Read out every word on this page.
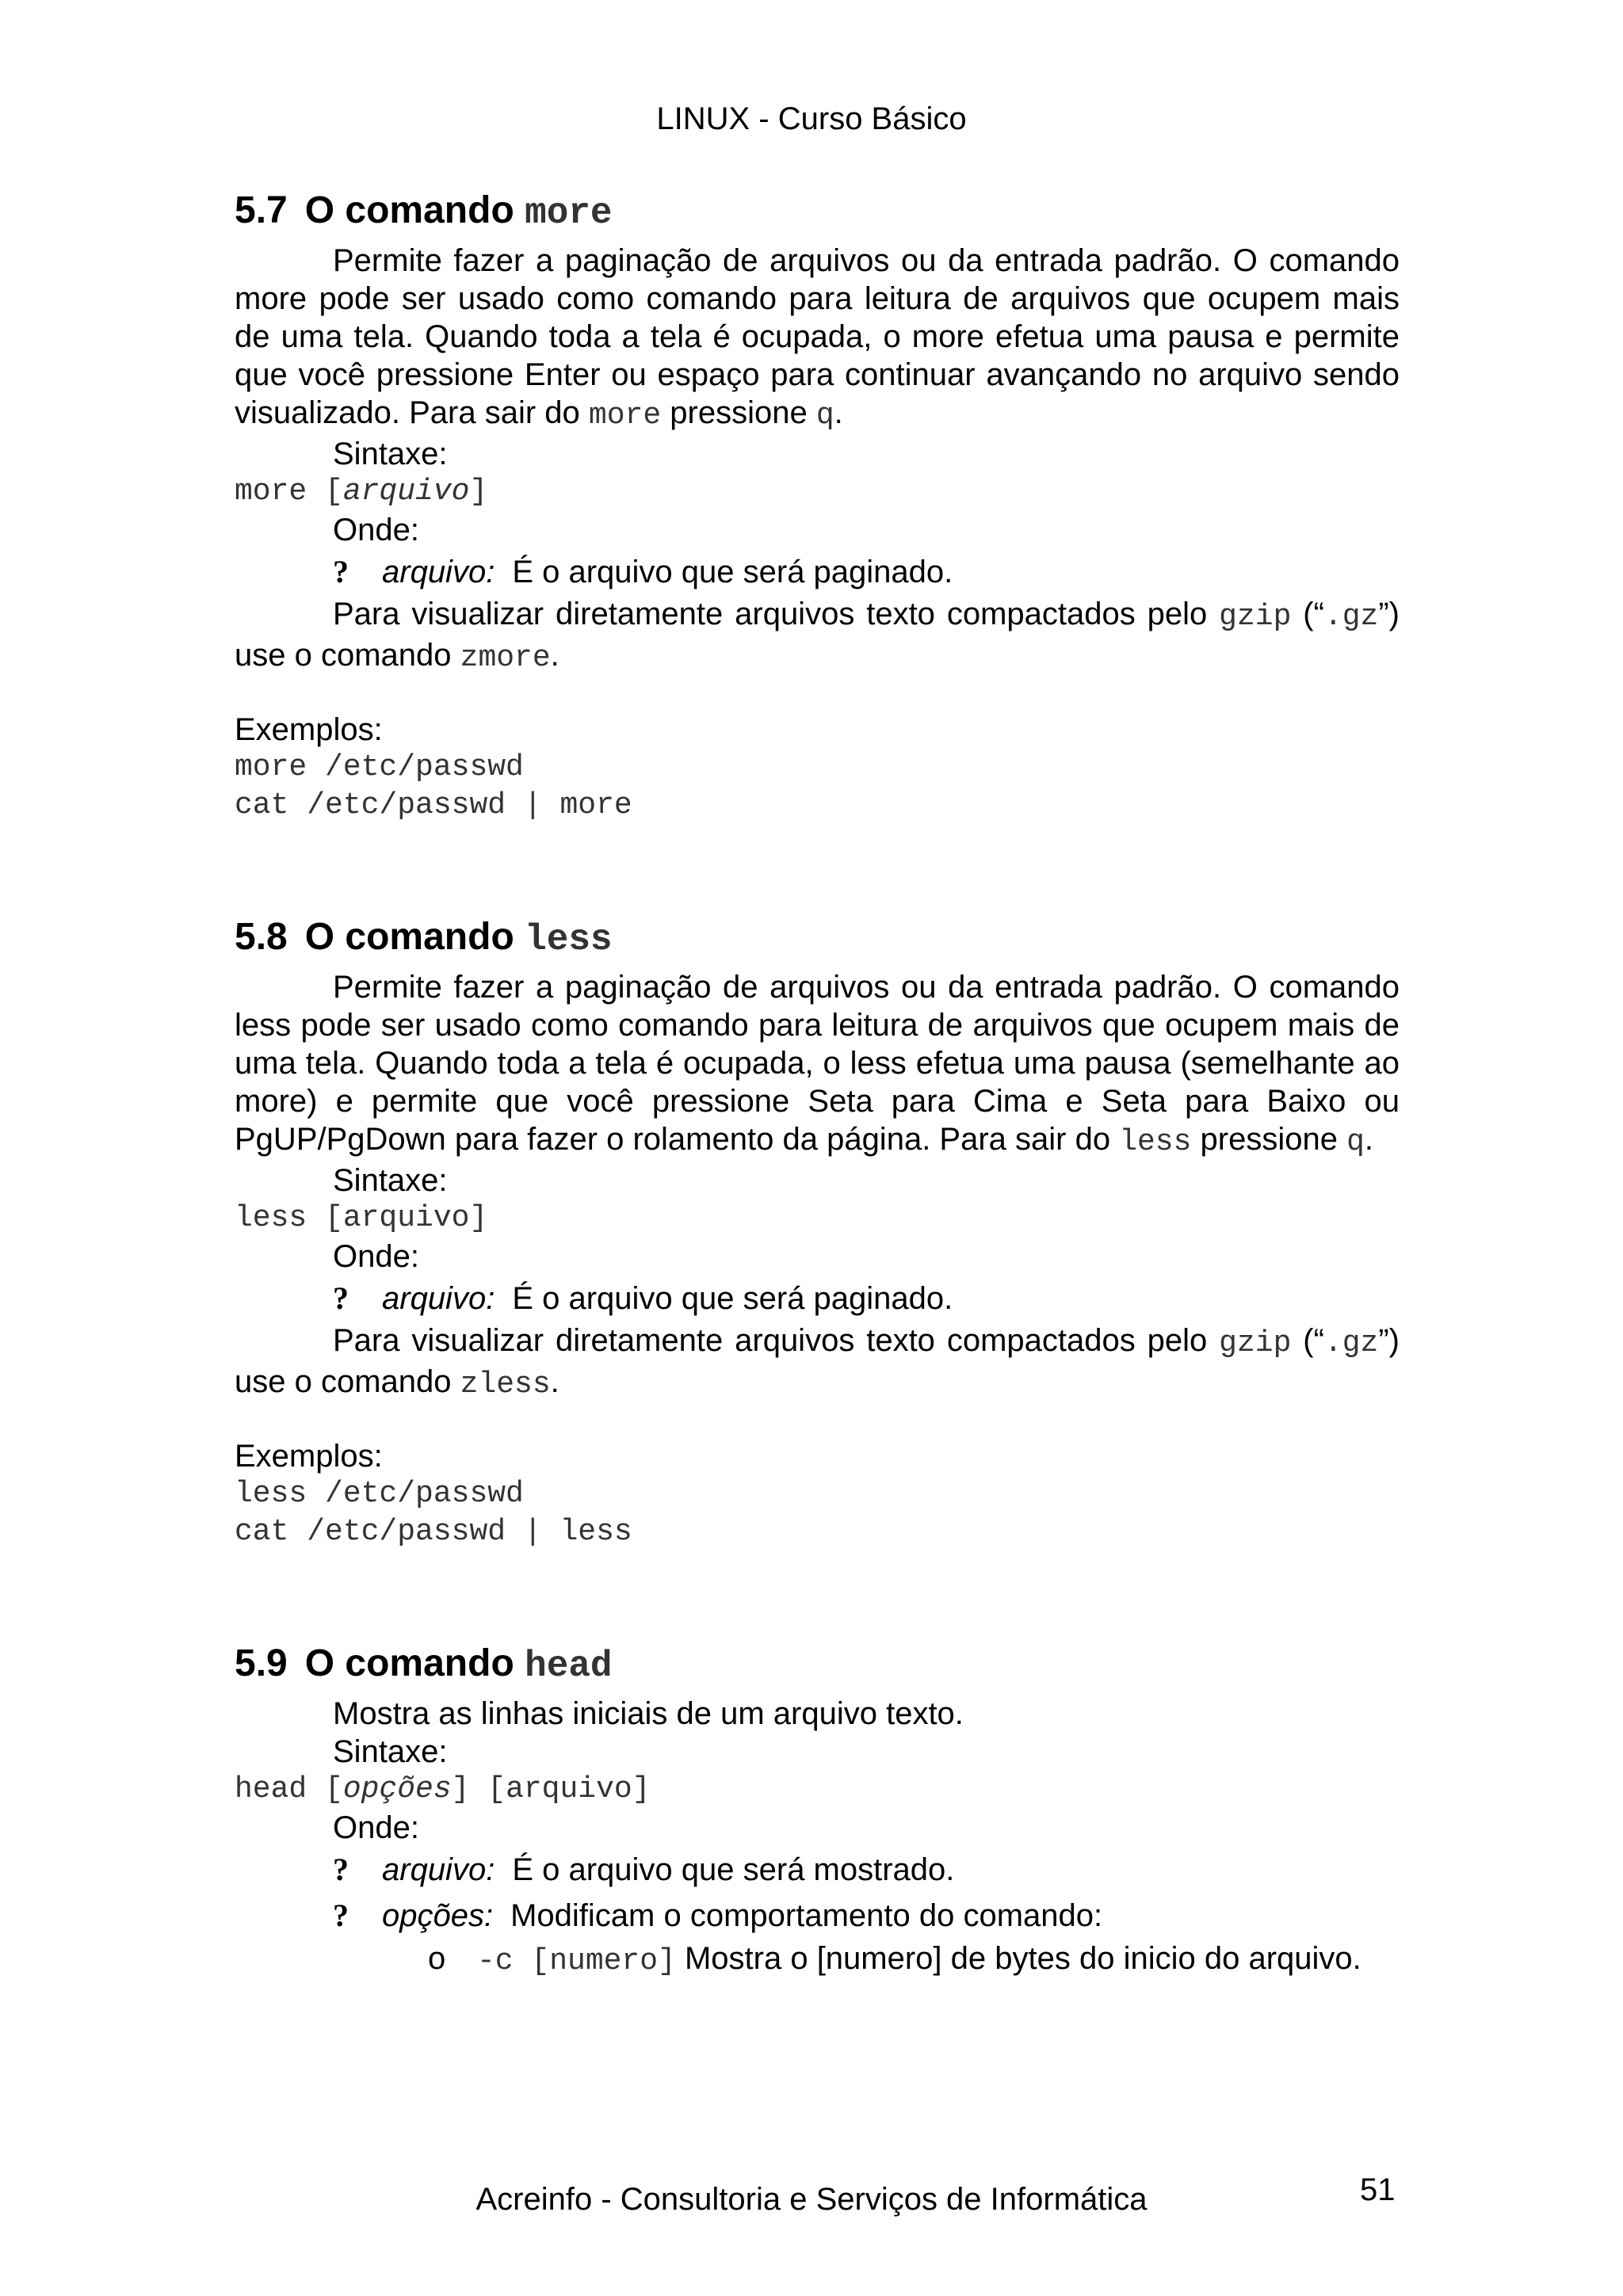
LINUX - Curso Básico
5.7 O comando more

Permite fazer a paginação de arquivos ou da entrada padrão. O comando more pode ser usado como comando para leitura de arquivos que ocupem mais de uma tela. Quando toda a tela é ocupada, o more efetua uma pausa e permite que você pressione Enter ou espaço para continuar avançando no arquivo sendo visualizado. Para sair do more pressione q.

Sintaxe:

more [arquivo]

Onde:

? arquivo: É o arquivo que será paginado.

Para visualizar diretamente arquivos texto compactados pelo gzip (“.gz”) use o comando zmore.

Exemplos:

more /etc/passwd
cat /etc/passwd | more
5.8 O comando less

Permite fazer a paginação de arquivos ou da entrada padrão. O comando less pode ser usado como comando para leitura de arquivos que ocupem mais de uma tela. Quando toda a tela é ocupada, o less efetua uma pausa (semelhante ao more) e permite que você pressione Seta para Cima e Seta para Baixo ou PgUP/PgDown para fazer o rolamento da página. Para sair do less pressione q.

Sintaxe:

less [arquivo]

Onde:

? arquivo: É o arquivo que será paginado.

Para visualizar diretamente arquivos texto compactados pelo gzip (“.gz”) use o comando zless.

Exemplos:

less /etc/passwd
cat /etc/passwd | less
5.9 O comando head

Mostra as linhas iniciais de um arquivo texto.

Sintaxe:

head [opções] [arquivo]

Onde:

? arquivo: É o arquivo que será mostrado.
? opções: Modificam o comportamento do comando:
o	-c [numero] Mostra o [numero] de bytes do inicio do arquivo.
Acreinfo - Consultoria e Serviços de Informática	51
